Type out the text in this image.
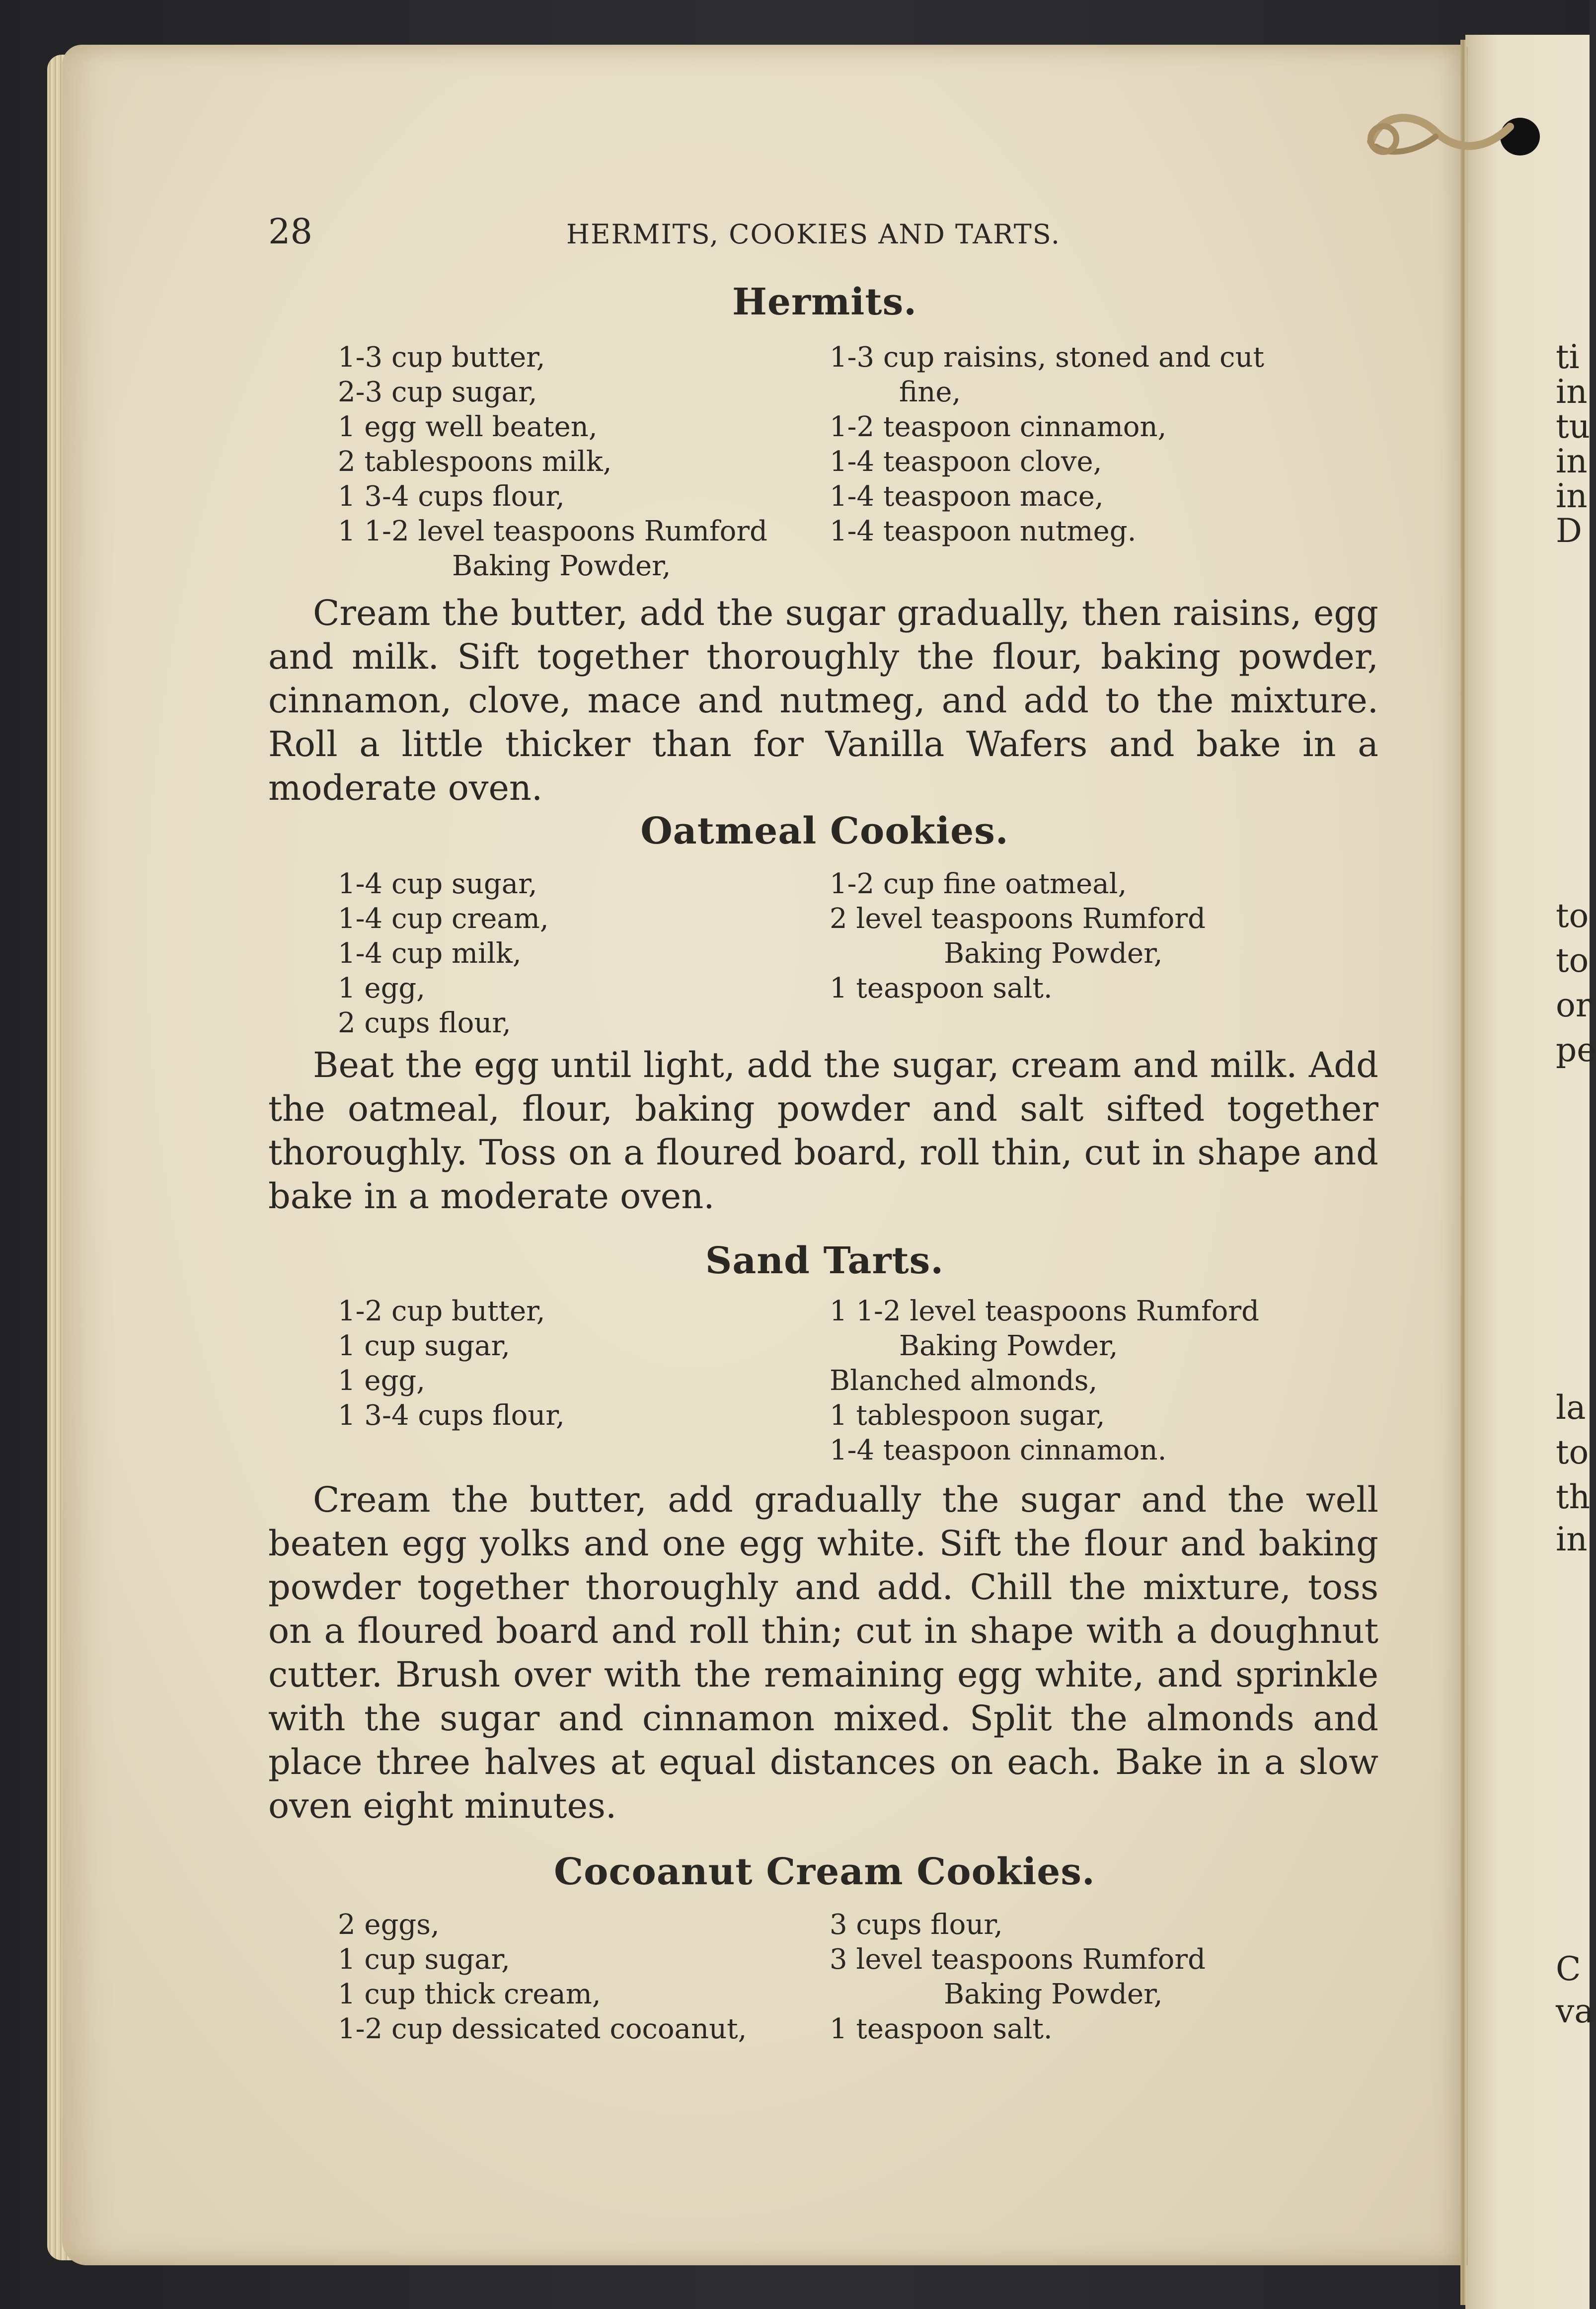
ti
in
tu
in
in
D
to
to
or
pe
la
to
th
in
C
va
28	HERMITS, COOKIES AND TARTS.
Hermits.
1-3 cup butter,
2-3 cup sugar,
1 egg well beaten,
2 tablespoons milk,
1 3-4 cups flour,
1 1-2 level teaspoons Rumford
Baking Powder,
1-3 cup raisins, stoned and cut
fine,
1-2 teaspoon cinnamon,
1-4 teaspoon clove,
1-4 teaspoon mace,
1-4 teaspoon nutmeg.

Cream the butter, add the sugar gradually, then raisins, egg and milk. Sift together thoroughly the flour, baking powder, cinnamon, clove, mace and nutmeg, and add to the mixture. Roll a little thicker than for Vanilla Wafers and bake in a moderate oven.

Oatmeal Cookies.
1-4 cup sugar,
1-4 cup cream,
1-4 cup milk,
1 egg,
2 cups flour,
1-2 cup fine oatmeal,
2 level teaspoons Rumford
Baking Powder,
1 teaspoon salt.

Beat the egg until light, add the sugar, cream and milk. Add the oatmeal, flour, baking powder and salt sifted together thoroughly. Toss on a floured board, roll thin, cut in shape and bake in a moderate oven.

Sand Tarts.
1-2 cup butter,
1 cup sugar,
1 egg,
1 3-4 cups flour,
1 1-2 level teaspoons Rumford
Baking Powder,
Blanched almonds,
1 tablespoon sugar,
1-4 teaspoon cinnamon.

Cream the butter, add gradually the sugar and the well beaten egg yolks and one egg white. Sift the flour and baking powder together thoroughly and add. Chill the mixture, toss on a floured board and roll thin; cut in shape with a doughnut cutter. Brush over with the remaining egg white, and sprinkle with the sugar and cinnamon mixed. Split the almonds and place three halves at equal distances on each. Bake in a slow oven eight minutes.

Cocoanut Cream Cookies.
2 eggs,
1 cup sugar,
1 cup thick cream,
1-2 cup dessicated cocoanut,
3 cups flour,
3 level teaspoons Rumford
Baking Powder,
1 teaspoon salt.
